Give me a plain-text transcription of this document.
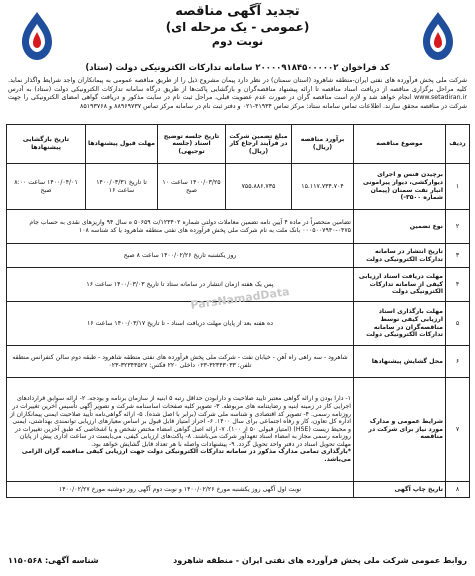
تجدید آگهی مناقصه
(عمومی - یک مرحله ای)
نوبت دوم
کد فراخوان ۲۰۰۰۰۹۱۸۴۵۰۰۰۰۰۲ سامانه تدارکات الکترونیکی دولت (ستاد)
شرکت ملی پخش فرآورده های نفتی ایران-منطقه شاهرود (استان سمنان) در نظر دارد پیمان مشروح ذیل را از طریق مناقصه عمومی به پیمانکاران واجد شرایط واگذار نماید. کلیه مراحل برگزاری مناقصه از دریافت اسناد مناقصه تا ارائه پیشنهاد مناقصه‌گران و بازگشایی پاکت‌ها از طریق درگاه سامانه تدارکات الکترونیکی دولت (ستاد) به آدرس www.setadiran.ir انجام خواهد شد و لازم است مناقصه گران در صورت عدم عضویت قبلی، مراحل ثبت نام در سایت مذکور و دریافت گواهی امضای الکترونیکی را جهت شرکت در مناقصه محقق سازند. اطلاعات تماس سامانه ستاد: مرکز تماس ۴۱۹۳۴-۰۲۱ و دفتر ثبت نام در سامانه مرکز تماس ۸۸۹۶۹۷۳۷ و ۸۵۱۹۳۷۶۸
ردیف	موضوع مناقصه	برآورد مناقصه (ریال)	مبلغ تضمین شرکت در فرآیند ارجاع کار (ریال)	تاریخ جلسه توضیح اسناد (جلسه توجیهی)	مهلت قبول پیشنهادها	تاریخ بازگشایی پیشنهادها
۱	برچیدن فنس و اجرای دیوارکشی، دیوار پیرامونی انبار نفت سمنان (پیمان شماره ۳۵۰۰-)	۱۵.۱۱۷.۷۳۴.۷۰۴	۷۵۵.۸۸۶.۷۳۵	۱۴۰۰/۰۳/۲۵ ساعت ۱۰ صبح	تا تاریخ ۱۴۰۰/۰۳/۳۱ ساعت ۱۶	۱۴۰۰/۰۴/۰۱ ساعت ۸:۰۰ صبح
۲	نوع تضمین	تضامین منحصراً در ماده ۴ آیین نامه تضمین معاملات دولتی شماره ۱۲۳۴۰۲/ت ۵۰۶۵۹ ه سال ۹۴ واریزهای نقدی به حساب جام ۰۴۷۵-۰۰۰۵۰۰۷۹۴۰ بانک ملت به نام شرکت ملی پخش فرآورده های نفتی منطقه شاهرود یا کد شناسه ۱۰۸				
۳	تاریخ انتشار در سامانه تدارکات الکترونیکی دولت	روز یکشنبه تاریخ ۱۴۰۰/۰۲/۲۶ ساعت ۸ صبح				
۴	مهلت دریافت اسناد ارزیابی کیفی از سامانه تدارکات الکترونیکی دولت	پس یک هفته ازمان انتشار در سامانه ستاد تا تاریخ ۱۴۰۰/۰۳/۰۳ ساعت ۱۶				
۵	مهلت بارگذاری اسناد ارزیابی کیفی توسط مناقصه‌گران در سامانه تدارکات الکترونیکی دولت	ده هفته بعد از پایان مهلت دریافت اسناد - تا تاریخ ۱۴۰۰/۰۳/۱۷ ساعت ۱۶				
۶	محل گشایش پیشنهادها	شاهرود - سه راهی راه آهن - خیابان نفت - شرکت ملی پخش فرآورده های نفتی منطقه شاهرود - طبقه دوم سالن کنفرانس منطقه تلفن: ۳۲۳۴۳۰۳۳-۰۲۳ داخلی ۲۲۰ فکس: ۳۲۳۴۳۵۲۷-۰۲۳				
۷	شرایط عمومی و مدارک مورد نیاز برای شرکت در مناقصه	۱- دارا بودن و ارائه گواهی معتبر تایید صلاحیت و دارابودن حداقل رتبه ۵ ابنیه از سازمان برنامه و بودجه. ۲- ارائه سوابق قراردادهای اجرایی کار در زمینه ابنیه و رضایتنامه های مربوطه. ۳- تصویر کلیه صفحات اساسنامه شرکت و تصویر آگهی تأسیس آخرین تغییرات در روزنامه رسمی. ۴- تصویر کد اقتصادی و شناسه ملی شرکت (برابر با اصل شده). ۵- ارائه گواهی‌نامه تأیید صلاحیت ایمنی پیمانکاران از اداره کل تعاون، کار و رفاه اجتماعی برای سال ۱۴۰۰. ۶- احراز امتیاز قابل قبول بر اساس معیارهای ارزیابی توانمندی بهداشتی، ایمنی و محیط زیست (HSE) (امتیاز قبولی ۵۰ از ۱۰۰). ۷- ارائه اصل گواهی امضاء مختص شخص و یا اشخاصی که طبق آخرین تغییرات در روزنامه رسمی مجاز به امضاء اسناد تعهدآور شرکت می‌باشند. ۸- پاکت‌های ارزیابی کیفی، می‌بایست در ساعت اداری پیش از پایان مهلت تحویل اسناد در دفتر واحد تحویل گردد. ۹- پیشنهادات واصله با هر تعداد قابل گشایش خواهد بود.
*بارگذاری تمامی مدارک مذکور در سامانه تدارکات الکترونیکی دولت جهت ارزیابی کیفی مناقصه گران الزامی می‌باشد.				
۸	تاریخ چاپ آگهی	نوبت اول آگهی روز یکشنبه مورخ ۱۴۰۰/۰۲/۲۶ و نوبت دوم آگهی روز دوشنبه مورخ ۱۴۰۰/۰۲/۲۷				
ParsNamadData
روابط عمومی شرکت ملی پخش فرآورده های نفتی ایران - منطقه شاهرود
شناسه آگهی: ۱۱۵۰۵۶۸
